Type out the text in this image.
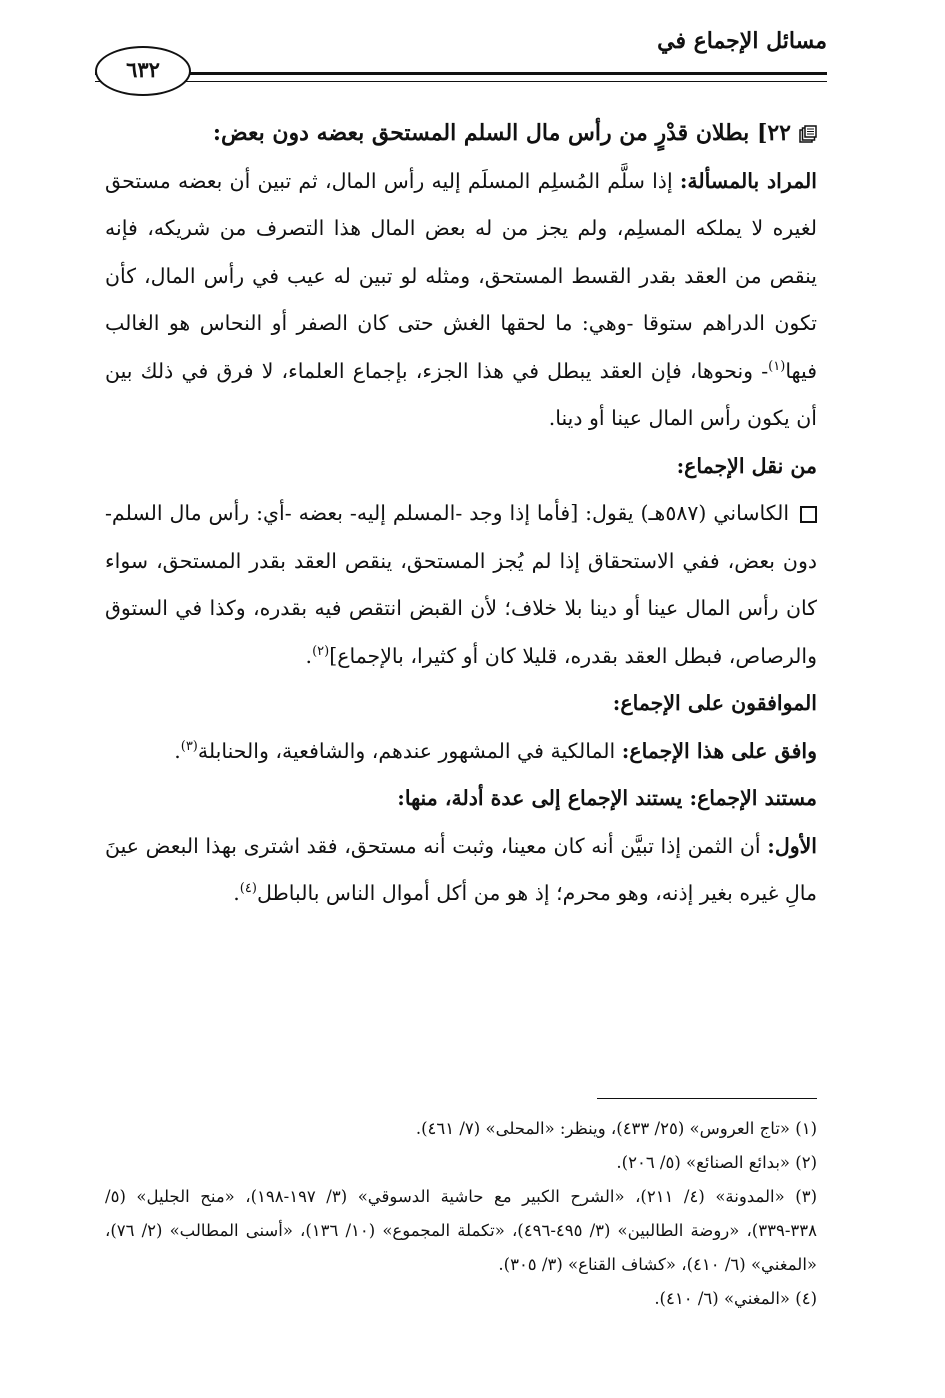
مسائل الإجماع في
٦٣٢

٢٢] بطلان قدْرٍ من رأس مال السلم المستحق بعضه دون بعض:

المراد بالمسألة: إذا سلَّم المُسلِم المسلَم إليه رأس المال، ثم تبين أن بعضه مستحق لغيره لا يملكه المسلِم، ولم يجز من له بعض المال هذا التصرف من شريكه، فإنه ينقص من العقد بقدر القسط المستحق، ومثله لو تبين له عيب في رأس المال، كأن تكون الدراهم ستوقا -وهي: ما لحقها الغش حتى كان الصفر أو النحاس هو الغالب فيها$^{(١)}$- ونحوها، فإن العقد يبطل في هذا الجزء، بإجماع العلماء، لا فرق في ذلك بين أن يكون رأس المال عينا أو دينا.

من نقل الإجماع:

الكاساني (٥٨٧هـ) يقول: [فأما إذا وجد -المسلم إليه- بعضه -أي: رأس مال السلم- دون بعض، ففي الاستحقاق إذا لم يُجز المستحق، ينقص العقد بقدر المستحق، سواء كان رأس المال عينا أو دينا بلا خلاف؛ لأن القبض انتقص فيه بقدره، وكذا في الستوق والرصاص، فبطل العقد بقدره، قليلا كان أو كثيرا، بالإجماع]$^{(٢)}$.

الموافقون على الإجماع:

وافق على هذا الإجماع: المالكية في المشهور عندهم، والشافعية، والحنابلة$^{(٣)}$.

مستند الإجماع: يستند الإجماع إلى عدة أدلة، منها:

الأول: أن الثمن إذا تبيَّن أنه كان معينا، وثبت أنه مستحق، فقد اشترى بهذا البعض عينَ مالِ غيره بغير إذنه، وهو محرم؛ إذ هو من أكل أموال الناس بالباطل$^{(٤)}$.

(١) «تاج العروس» (٢٥/ ٤٣٣)، وينظر: «المحلى» (٧/ ٤٦١).

(٢) «بدائع الصنائع» (٥/ ٢٠٦).

(٣) «المدونة» (٤/ ٢١١)، «الشرح الكبير مع حاشية الدسوقي» (٣/ ١٩٧-١٩٨)، «منح الجليل» (٥/ ٣٣٨-٣٣٩)، «روضة الطالبين» (٣/ ٤٩٥-٤٩٦)، «تكملة المجموع» (١٠/ ١٣٦)، «أسنى المطالب» (٢/ ٧٦)، «المغني» (٦/ ٤١٠)، «كشاف القناع» (٣/ ٣٠٥).

(٤) «المغني» (٦/ ٤١٠).
